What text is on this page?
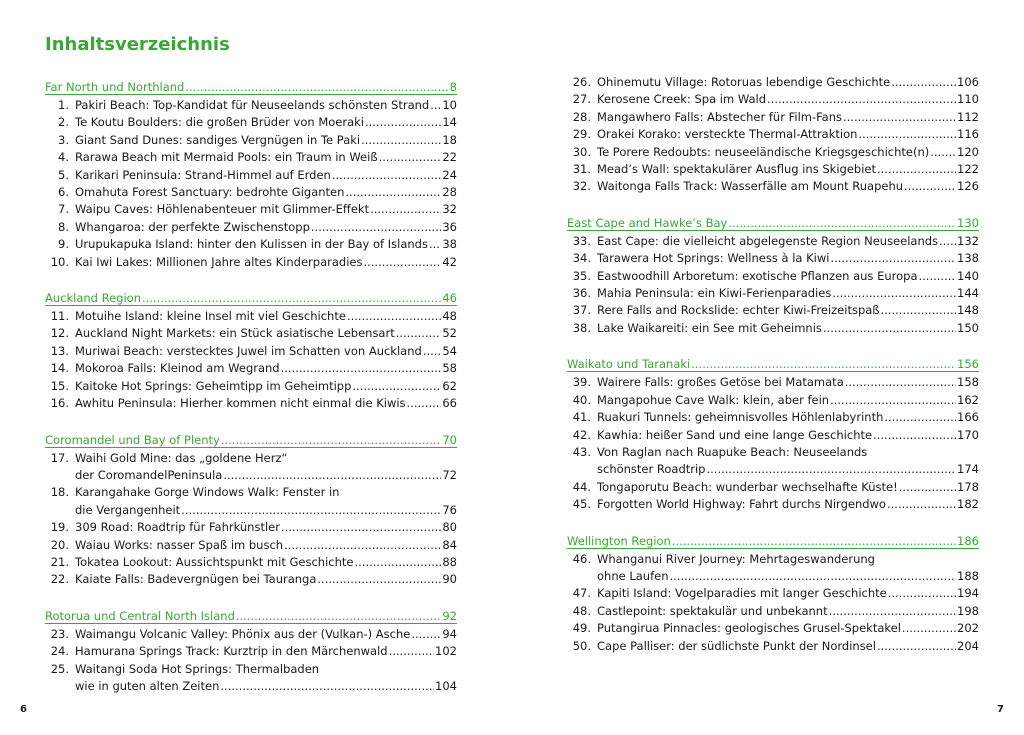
Inhaltsverzeichnis
Far North und Northland .....	8
1. Pakiri Beach: Top-Kandidat für Neuseelands schönsten Strand ..... 10
2. Te Koutu Boulders: die großen Brüder von Moeraki .....	14
3. Giant Sand Dunes: sandiges Vergnügen in Te Paki .....	18
4. Rarawa Beach mit Mermaid Pools: ein Traum in Weiß .....	22
5. Karikari Peninsula: Strand-Himmel auf Erden .....	24
6. Omahuta Forest Sanctuary: bedrohte Giganten .....	28
7. Waipu Caves: Höhlenabenteuer mit Glimmer-Effekt .....	32
8. Whangaroa: der perfekte Zwischenstopp .....	36
9. Urupukapuka Island: hinter den Kulissen in der Bay of Islands ..... 38
10. Kai Iwi Lakes: Millionen Jahre altes Kinderparadies .....	42
Auckland Region .....	46
11. Motuihe Island: kleine Insel mit viel Geschichte .....	48
12. Auckland Night Markets: ein Stück asiatische Lebensart .....	52
13. Muriwai Beach: verstecktes Juwel im Schatten von Auckland ..... 54
14. Mokoroa Falls: Kleinod am Wegrand .....	58
15. Kaitoke Hot Springs: Geheimtipp im Geheimtipp .....	62
16. Awhitu Peninsula: Hierher kommen nicht einmal die Kiwis .....	66
Coromandel und Bay of Plenty .....	70
17. Waihi Gold Mine: das „goldene Herz“
der CoromandelPeninsula .....	72
18. Karangahake Gorge Windows Walk: Fenster in
die Vergangenheit .....	76
19. 309 Road: Roadtrip für Fahrkünstler .....	80
20. Waiau Works: nasser Spaß im busch .....	84
21. Tokatea Lookout: Aussichtspunkt mit Geschichte .....	88
22. Kaiate Falls: Badevergnügen bei Tauranga .....	90
Rotorua und Central North Island .....	92
23. Waimangu Volcanic Valley: Phönix aus der (Vulkan-) Asche .....	94
24. Hamurana Springs Track: Kurztrip in den Märchenwald .....	102
25. Waitangi Soda Hot Springs: Thermalbaden
wie in guten alten Zeiten .....	104
6
26. Ohinemutu Village: Rotoruas lebendige Geschichte .....	106
27. Kerosene Creek: Spa im Wald .....	110
28. Mangawhero Falls: Abstecher für Film-Fans .....	112
29. Orakei Korako: versteckte Thermal-Attraktion .....	116
30. Te Porere Redoubts: neuseeländische Kriegsgeschichte(n) ..... 120
31. Mead’s Wall: spektakulärer Ausflug ins Skigebiet .....	122
32. Waitonga Falls Track: Wasserfälle am Mount Ruapehu .....	126
East Cape and Hawke’s Bay .....	130
33. East Cape: die vielleicht abgelegenste Region Neuseelands ..... 132
34. Tarawera Hot Springs: Wellness à la Kiwi .....	138
35. Eastwoodhill Arboretum: exotische Pflanzen aus Europa .....	140
36. Mahia Peninsula: ein Kiwi-Ferienparadies .....	144
37. Rere Falls and Rockslide: echter Kiwi-Freizeitspaß .....	148
38. Lake Waikareiti: ein See mit Geheimnis .....	150
Waikato und Taranaki .....	156
39. Wairere Falls: großes Getöse bei Matamata .....	158
40. Mangapohue Cave Walk: klein, aber fein .....	162
41. Ruakuri Tunnels: geheimnisvolles Höhlenlabyrinth .....	166
42. Kawhia: heißer Sand und eine lange Geschichte .....	170
43. Von Raglan nach Ruapuke Beach: Neuseelands
schönster Roadtrip .....	174
44. Tongaporutu Beach: wunderbar wechselhafte Küste! .....	178
45. Forgotten World Highway: Fahrt durchs Nirgendwo .....	182
Wellington Region .....	186
46. Whanganui River Journey: Mehrtageswanderung
ohne Laufen .....	188
47. Kapiti Island: Vogelparadies mit langer Geschichte .....	194
48. Castlepoint: spektakulär und unbekannt .....	198
49. Putangirua Pinnacles: geologisches Grusel-Spektakel .....	202
50. Cape Palliser: der südlichste Punkt der Nordinsel .....	204
7
